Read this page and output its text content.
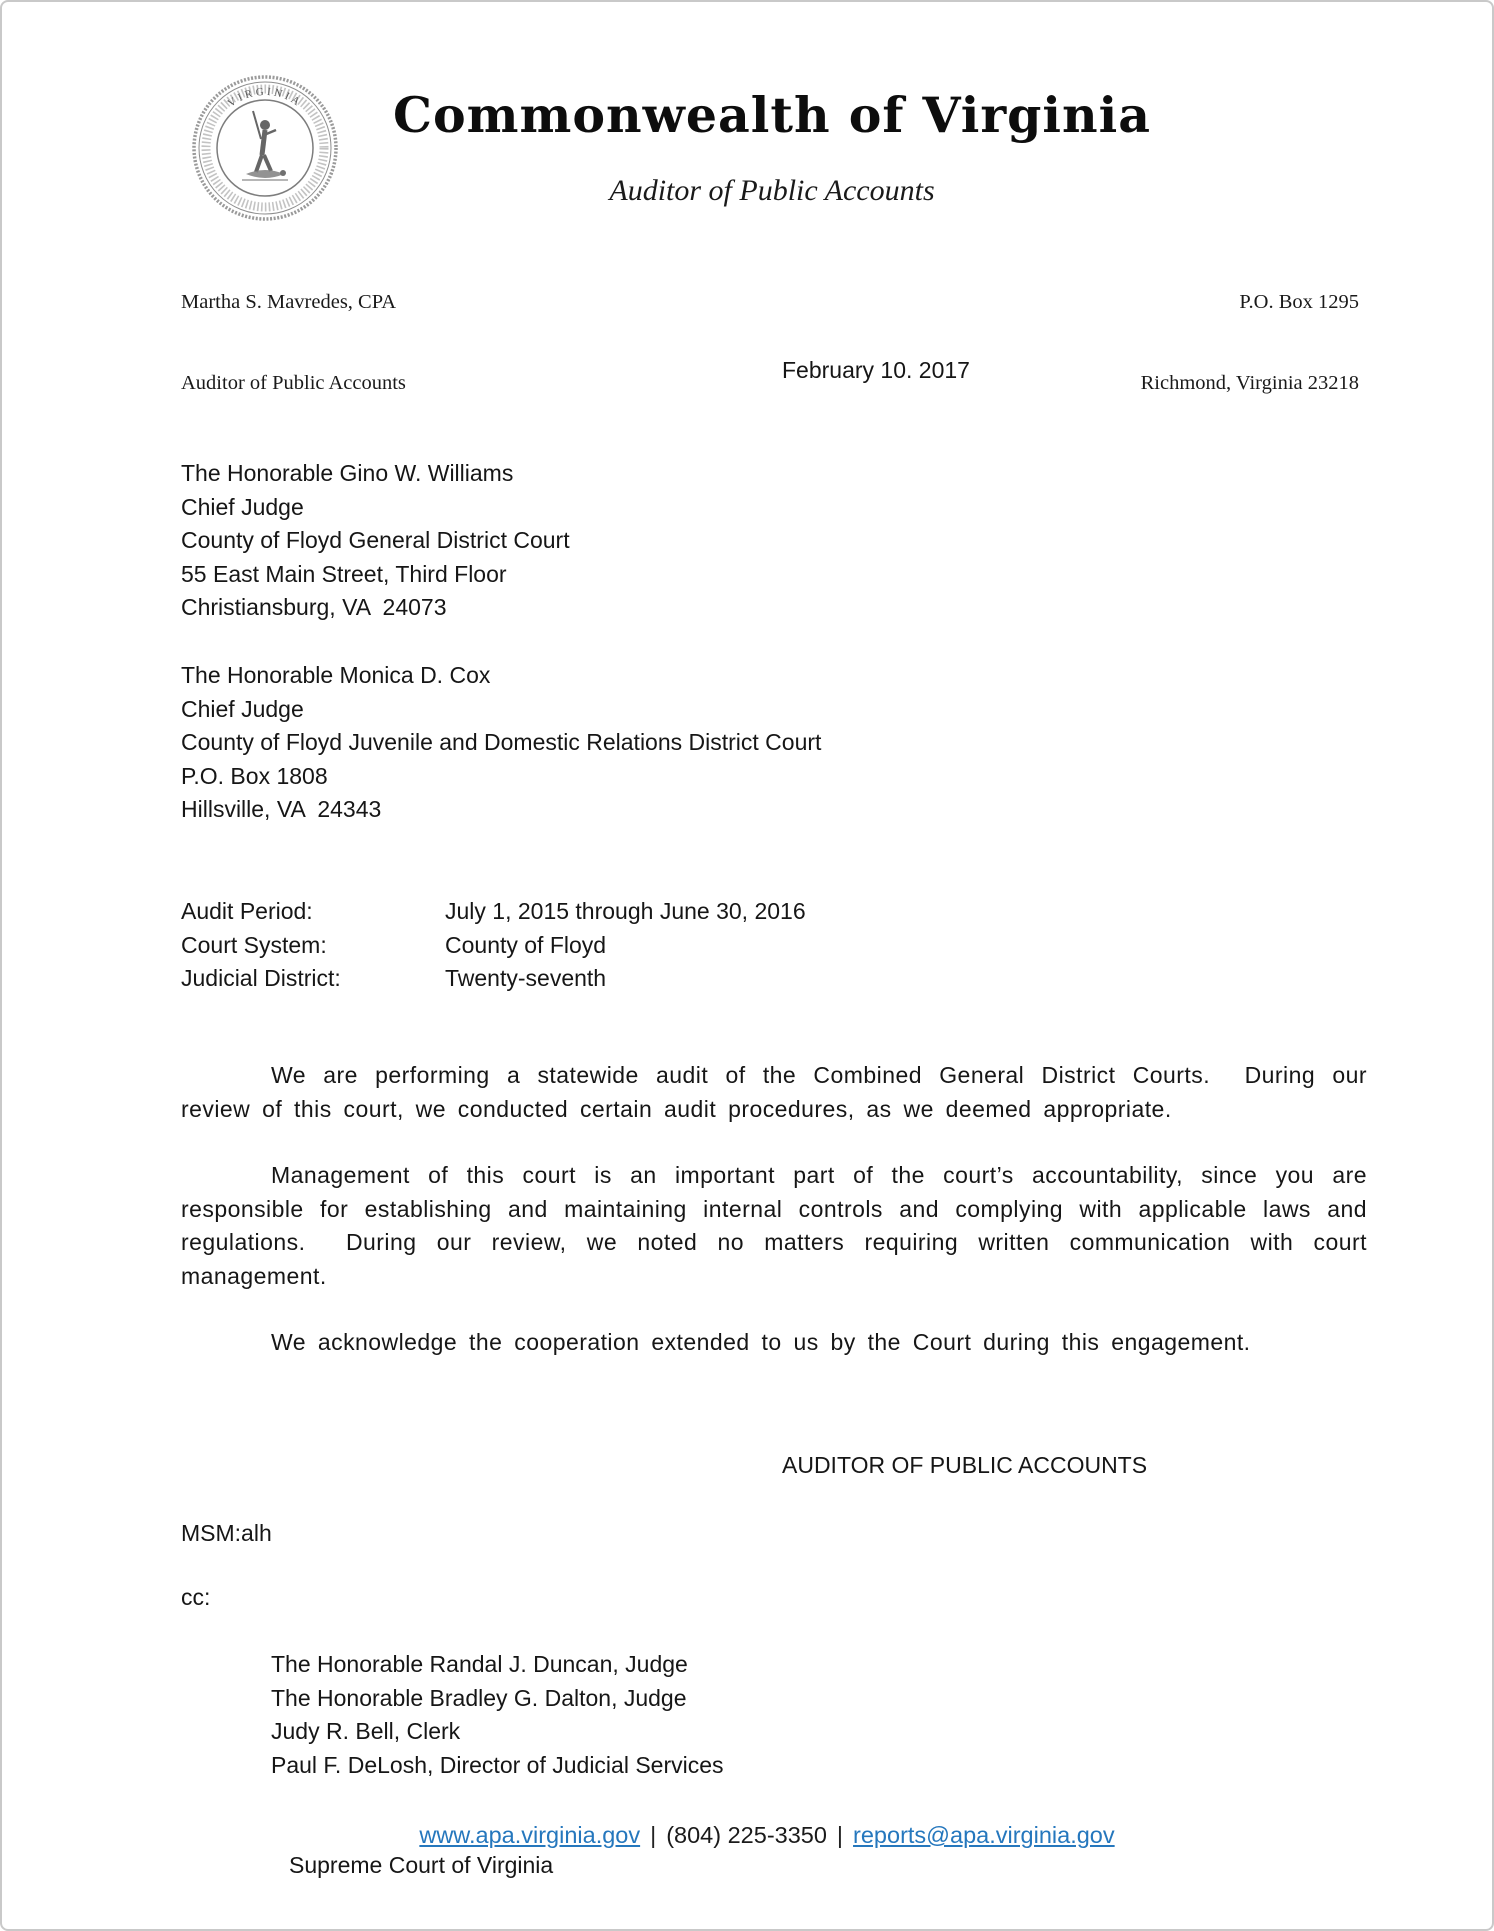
VIRGINIA	Commonwealth of Virginia
Auditor of Public Accounts

Martha S. Mavredes, CPA

Auditor of Public Accounts

P.O. Box 1295

Richmond, Virginia 23218

February 10. 2017
The Honorable Gino W. Williams
Chief Judge
County of Floyd General District Court
55 East Main Street, Third Floor
Christiansburg, VA  24073
The Honorable Monica D. Cox
Chief Judge
County of Floyd Juvenile and Domestic Relations District Court
P.O. Box 1808
Hillsville, VA  24343
Audit Period:	July 1, 2015 through June 30, 2016
Court System:	County of Floyd
Judicial District:	Twenty-seventh

We are performing a statewide audit of the Combined General District Courts.  During our review of this court, we conducted certain audit procedures, as we deemed appropriate.

Management of this court is an important part of the court’s accountability, since you are responsible for establishing and maintaining internal controls and complying with applicable laws and regulations.  During our review, we noted no matters requiring written communication with court management.

We acknowledge the cooperation extended to us by the Court during this engagement.

AUDITOR OF PUBLIC ACCOUNTS
MSM:alh
cc:

The Honorable Randal J. Duncan, Judge
The Honorable Bradley G. Dalton, Judge
Judy R. Bell, Clerk
Paul F. DeLosh, Director of Judicial Services

Supreme Court of Virginia

www.apa.virginia.gov | (804) 225-3350 | reports@apa.virginia.gov
